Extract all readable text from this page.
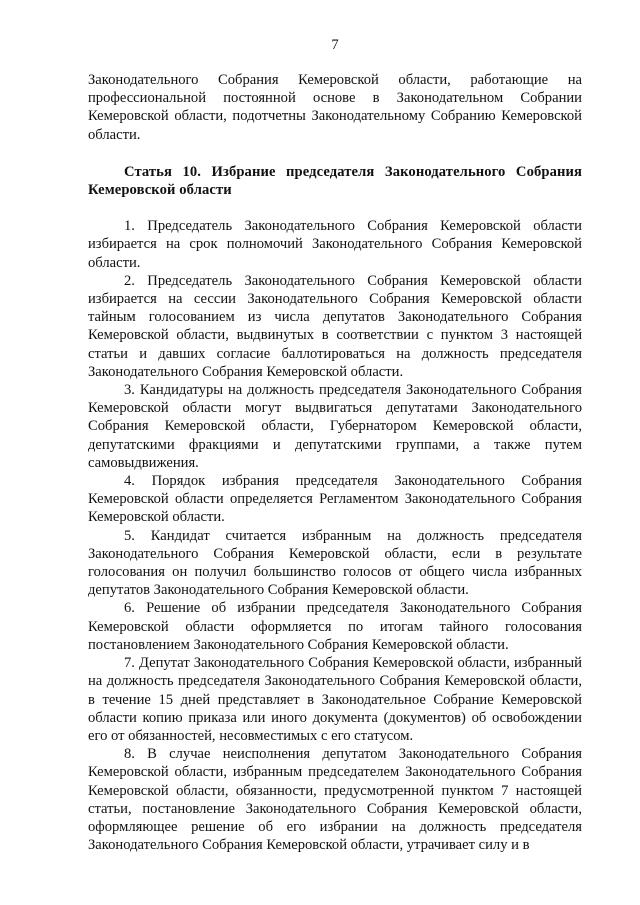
7

Законодательного Собрания Кемеровской области, работающие на профессиональной постоянной основе в Законодательном Собрании Кемеровской области, подотчетны Законодательному Собранию Кемеровской области.

Статья 10. Избрание председателя Законодательного Собрания Кемеровской области

1. Председатель Законодательного Собрания Кемеровской области избирается на срок полномочий Законодательного Собрания Кемеровской области.

2. Председатель Законодательного Собрания Кемеровской области избирается на сессии Законодательного Собрания Кемеровской области тайным голосованием из числа депутатов Законодательного Собрания Кемеровской области, выдвинутых в соответствии с пунктом 3 настоящей статьи и давших согласие баллотироваться на должность председателя Законодательного Собрания Кемеровской области.

3. Кандидатуры на должность председателя Законодательного Собрания Кемеровской области могут выдвигаться депутатами Законодательного Собрания Кемеровской области, Губернатором Кемеровской области, депутатскими фракциями и депутатскими группами, а также путем самовыдвижения.

4. Порядок избрания председателя Законодательного Собрания Кемеровской области определяется Регламентом Законодательного Собрания Кемеровской области.

5. Кандидат считается избранным на должность председателя Законодательного Собрания Кемеровской области, если в результате голосования он получил большинство голосов от общего числа избранных депутатов Законодательного Собрания Кемеровской области.

6. Решение об избрании председателя Законодательного Собрания Кемеровской области оформляется по итогам тайного голосования постановлением Законодательного Собрания Кемеровской области.

7. Депутат Законодательного Собрания Кемеровской области, избранный на должность председателя Законодательного Собрания Кемеровской области, в течение 15 дней представляет в Законодательное Собрание Кемеровской области копию приказа или иного документа (документов) об освобождении его от обязанностей, несовместимых с его статусом.

8. В случае неисполнения депутатом Законодательного Собрания Кемеровской области, избранным председателем Законодательного Собрания Кемеровской области, обязанности, предусмотренной пунктом 7 настоящей статьи, постановление Законодательного Собрания Кемеровской области, оформляющее решение об его избрании на должность председателя Законодательного Собрания Кемеровской области, утрачивает силу и в
